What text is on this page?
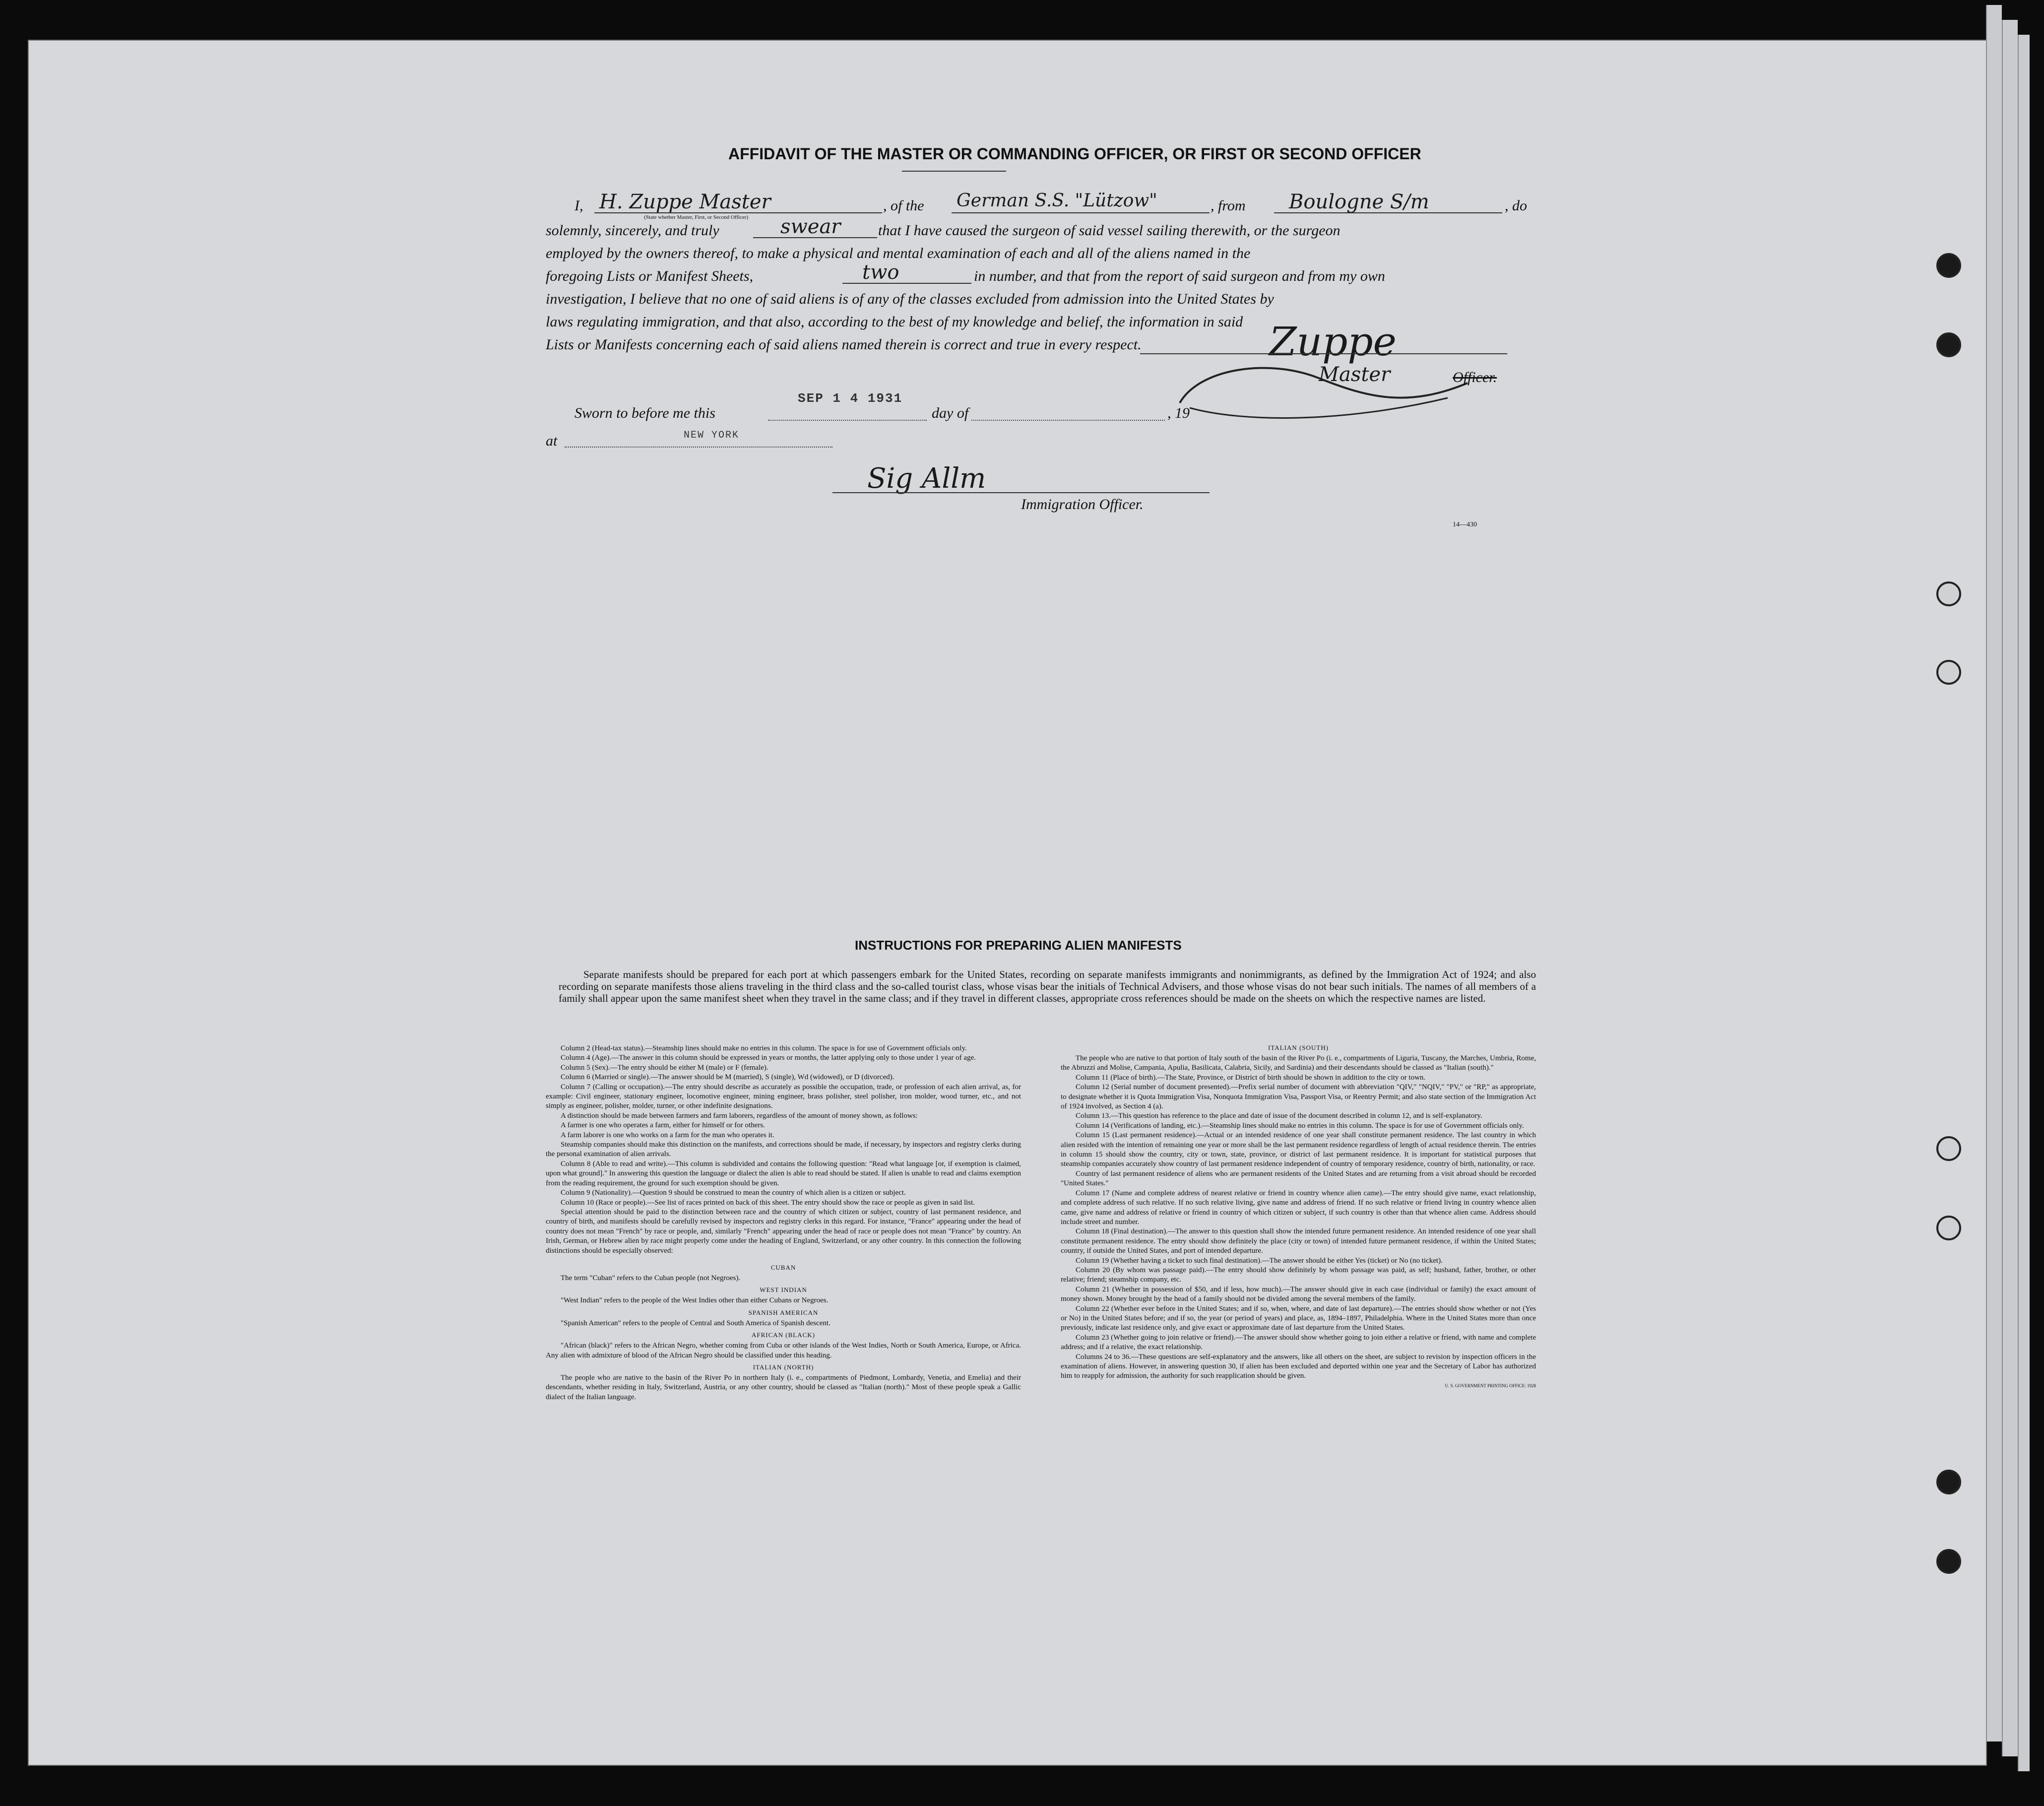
AFFIDAVIT OF THE MASTER OR COMMANDING OFFICER, OR FIRST OR SECOND OFFICER
I, H. Zuppe Master
(State whether Master, First, or Second Officer)
, of the German S.S. "Lützow"	, from Boulogne S/m	, do
solemnly, sincerely, and truly	swear	that I have caused the surgeon of said vessel sailing therewith, or the surgeon
employed by the owners thereof, to make a physical and mental examination of each and all of the aliens named in the
foregoing Lists or Manifest Sheets,	two	in number, and that from the report of said surgeon and from my own
investigation, I believe that no one of said aliens is of any of the classes excluded from admission into the United States by
laws regulating immigration, and that also, according to the best of my knowledge and belief, the information in said
Lists or Manifests concerning each of said aliens named therein is correct and true in every respect.	Zuppe
Master	Officer.
Sworn to before me this
SEP 1 4 1931
day of	, 19
at	NEW YORK
Sig Allm
Immigration Officer.
14—430
INSTRUCTIONS FOR PREPARING ALIEN MANIFESTS
Separate manifests should be prepared for each port at which passengers embark for the United States, recording on separate manifests immigrants and nonimmigrants, as defined by the Immigration Act of 1924; and also recording on separate manifests those aliens traveling in the third class and the so-called tourist class, whose visas bear the initials of Technical Advisers, and those whose visas do not bear such initials. The names of all members of a family shall appear upon the same manifest sheet when they travel in the same class; and if they travel in different classes, appropriate cross references should be made on the sheets on which the respective names are listed.

Column 2 (Head-tax status).—Steamship lines should make no entries in this column. The space is for use of Government officials only.

Column 4 (Age).—The answer in this column should be expressed in years or months, the latter applying only to those under 1 year of age.

Column 5 (Sex).—The entry should be either M (male) or F (female).

Column 6 (Married or single).—The answer should be M (married), S (single), Wd (widowed), or D (divorced).

Column 7 (Calling or occupation).—The entry should describe as accurately as possible the occupation, trade, or profession of each alien arrival, as, for example: Civil engineer, stationary engineer, locomotive engineer, mining engineer, brass polisher, steel polisher, iron molder, wood turner, etc., and not simply as engineer, polisher, molder, turner, or other indefinite designations.

A distinction should be made between farmers and farm laborers, regardless of the amount of money shown, as follows:

A farmer is one who operates a farm, either for himself or for others.

A farm laborer is one who works on a farm for the man who operates it.

Steamship companies should make this distinction on the manifests, and corrections should be made, if necessary, by inspectors and registry clerks during the personal examination of alien arrivals.

Column 8 (Able to read and write).—This column is subdivided and contains the following question: "Read what language [or, if exemption is claimed, upon what ground]." In answering this question the language or dialect the alien is able to read should be stated. If alien is unable to read and claims exemption from the reading requirement, the ground for such exemption should be given.

Column 9 (Nationality).—Question 9 should be construed to mean the country of which alien is a citizen or subject.

Column 10 (Race or people).—See list of races printed on back of this sheet. The entry should show the race or people as given in said list.

Special attention should be paid to the distinction between race and the country of which citizen or subject, country of last permanent residence, and country of birth, and manifests should be carefully revised by inspectors and registry clerks in this regard. For instance, "France" appearing under the head of country does not mean "French" by race or people, and, similarly "French" appearing under the head of race or people does not mean "France" by country. An Irish, German, or Hebrew alien by race might properly come under the heading of England, Switzerland, or any other country. In this connection the following distinctions should be especially observed:

CUBAN

The term "Cuban" refers to the Cuban people (not Negroes).

WEST INDIAN

"West Indian" refers to the people of the West Indies other than either Cubans or Negroes.

SPANISH AMERICAN

"Spanish American" refers to the people of Central and South America of Spanish descent.

AFRICAN (BLACK)

"African (black)" refers to the African Negro, whether coming from Cuba or other islands of the West Indies, North or South America, Europe, or Africa. Any alien with admixture of blood of the African Negro should be classified under this heading.

ITALIAN (NORTH)

The people who are native to the basin of the River Po in northern Italy (i. e., compartments of Piedmont, Lombardy, Venetia, and Emelia) and their descendants, whether residing in Italy, Switzerland, Austria, or any other country, should be classed as "Italian (north)." Most of these people speak a Gallic dialect of the Italian language.

ITALIAN (SOUTH)

The people who are native to that portion of Italy south of the basin of the River Po (i. e., compartments of Liguria, Tuscany, the Marches, Umbria, Rome, the Abruzzi and Molise, Campania, Apulia, Basilicata, Calabria, Sicily, and Sardinia) and their descendants should be classed as "Italian (south)."

Column 11 (Place of birth).—The State, Province, or District of birth should be shown in addition to the city or town.

Column 12 (Serial number of document presented).—Prefix serial number of document with abbreviation "QIV," "NQIV," "PV," or "RP," as appropriate, to designate whether it is Quota Immigration Visa, Nonquota Immigration Visa, Passport Visa, or Reentry Permit; and also state section of the Immigration Act of 1924 involved, as Section 4 (a).

Column 13.—This question has reference to the place and date of issue of the document described in column 12, and is self-explanatory.

Column 14 (Verifications of landing, etc.).—Steamship lines should make no entries in this column. The space is for use of Government officials only.

Column 15 (Last permanent residence).—Actual or an intended residence of one year shall constitute permanent residence. The last country in which alien resided with the intention of remaining one year or more shall be the last permanent residence regardless of length of actual residence therein. The entries in column 15 should show the country, city or town, state, province, or district of last permanent residence. It is important for statistical purposes that steamship companies accurately show country of last permanent residence independent of country of temporary residence, country of birth, nationality, or race.

Country of last permanent residence of aliens who are permanent residents of the United States and are returning from a visit abroad should be recorded "United States."

Column 17 (Name and complete address of nearest relative or friend in country whence alien came).—The entry should give name, exact relationship, and complete address of such relative. If no such relative living, give name and address of friend. If no such relative or friend living in country whence alien came, give name and address of relative or friend in country of which citizen or subject, if such country is other than that whence alien came. Address should include street and number.

Column 18 (Final destination).—The answer to this question shall show the intended future permanent residence. An intended residence of one year shall constitute permanent residence. The entry should show definitely the place (city or town) of intended future permanent residence, if within the United States; country, if outside the United States, and port of intended departure.

Column 19 (Whether having a ticket to such final destination).—The answer should be either Yes (ticket) or No (no ticket).

Column 20 (By whom was passage paid).—The entry should show definitely by whom passage was paid, as self; husband, father, brother, or other relative; friend; steamship company, etc.

Column 21 (Whether in possession of $50, and if less, how much).—The answer should give in each case (individual or family) the exact amount of money shown. Money brought by the head of a family should not be divided among the several members of the family.

Column 22 (Whether ever before in the United States; and if so, when, where, and date of last departure).—The entries should show whether or not (Yes or No) in the United States before; and if so, the year (or period of years) and place, as, 1894–1897, Philadelphia. Where in the United States more than once previously, indicate last residence only, and give exact or approximate date of last departure from the United States.

Column 23 (Whether going to join relative or friend).—The answer should show whether going to join either a relative or friend, with name and complete address; and if a relative, the exact relationship.

Columns 24 to 36.—These questions are self-explanatory and the answers, like all others on the sheet, are subject to revision by inspection officers in the examination of aliens. However, in answering question 30, if alien has been excluded and deported within one year and the Secretary of Labor has authorized him to reapply for admission, the authority for such reapplication should be given.

U. S. GOVERNMENT PRINTING OFFICE: 1928
